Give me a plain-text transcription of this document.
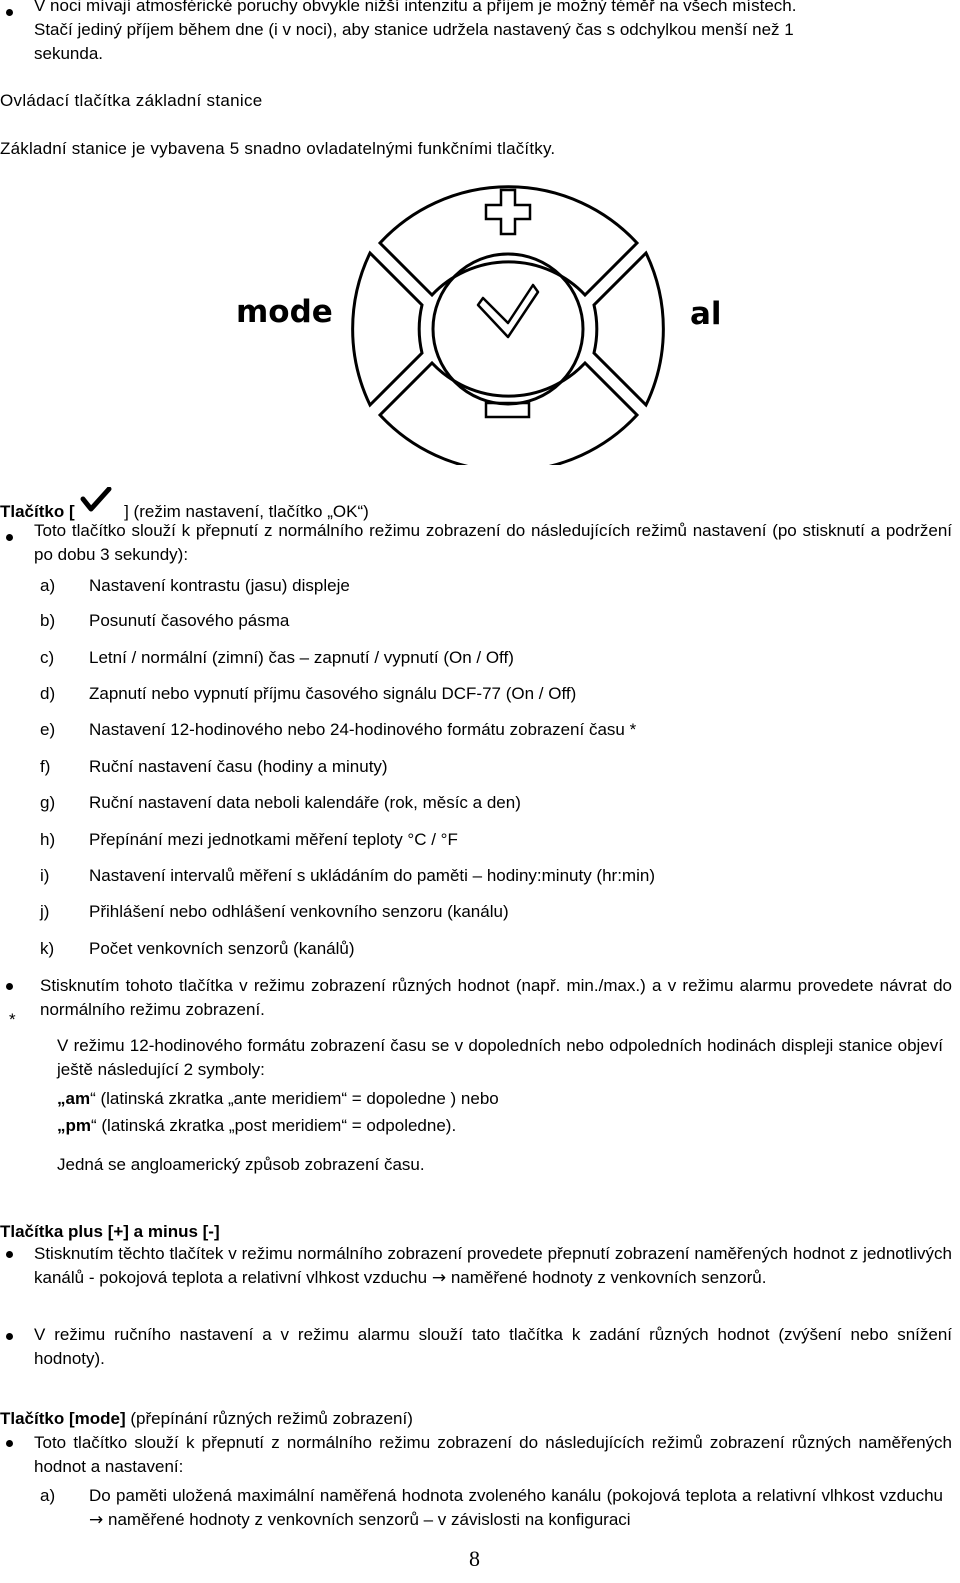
V noci mívají atmosférické poruchy obvykle nižší intenzitu a příjem je možný téměř na všech místech.
Stačí jediný příjem během dne (i v noci), aby stanice udržela nastavený čas s odchylkou menší než 1
sekunda.
Ovládací tlačítka základní stanice
Základní stanice je vybavena 5 snadno ovladatelnými funkčními tlačítky.
mode	al
Tlačítko [	] (režim nastavení, tlačítko „OK“)
Toto tlačítko slouží k přepnutí z normálního režimu zobrazení do následujících režimů nastavení (po stisknutí a podržení po dobu 3 sekundy):
a) Nastavení kontrastu (jasu) displeje
b) Posunutí časového pásma
c) Letní / normální (zimní) čas – zapnutí / vypnutí (On / Off)
d) Zapnutí nebo vypnutí příjmu časového signálu DCF-77 (On / Off)
e) Nastavení 12-hodinového nebo 24-hodinového formátu zobrazení času *
f) Ruční nastavení času (hodiny a minuty)
g) Ruční nastavení data neboli kalendáře (rok, měsíc a den)
h) Přepínání mezi jednotkami měření teploty °C / °F
i) Nastavení intervalů měření s ukládáním do paměti – hodiny:minuty (hr:min)
j) Přihlášení nebo odhlášení venkovního senzoru (kanálu)
k) Počet venkovních senzorů (kanálů)
Stisknutím tohoto tlačítka v režimu zobrazení různých hodnot (např. min./max.) a v režimu alarmu provedete návrat do normálního režimu zobrazení.
*
V režimu 12-hodinového formátu zobrazení času se v dopoledních nebo odpoledních hodinách displeji stanice objeví ještě následující 2 symboly:
„am“ (latinská zkratka „ante meridiem“ = dopoledne ) nebo
„pm“ (latinská zkratka „post meridiem“ = odpoledne).
Jedná se angloamerický způsob zobrazení času.
Tlačítka plus [+] a minus [-]
Stisknutím těchto tlačítek v režimu normálního zobrazení provedete přepnutí zobrazení naměřených hodnot z jednotlivých kanálů - pokojová teplota a relativní vlhkost vzduchu → naměřené hodnoty z venkovních senzorů.
V režimu ručního nastavení a v režimu alarmu slouží tato tlačítka k zadání různých hodnot (zvýšení nebo snížení hodnoty).
Tlačítko [mode] (přepínání různých režimů zobrazení)
Toto tlačítko slouží k přepnutí z normálního režimu zobrazení do následujících režimů zobrazení různých naměřených hodnot a nastavení:
a) Do paměti uložená maximální naměřená hodnota zvoleného kanálu (pokojová teplota a relativní vlhkost vzduchu → naměřené hodnoty z venkovních senzorů – v závislosti na konfiguraci
8
